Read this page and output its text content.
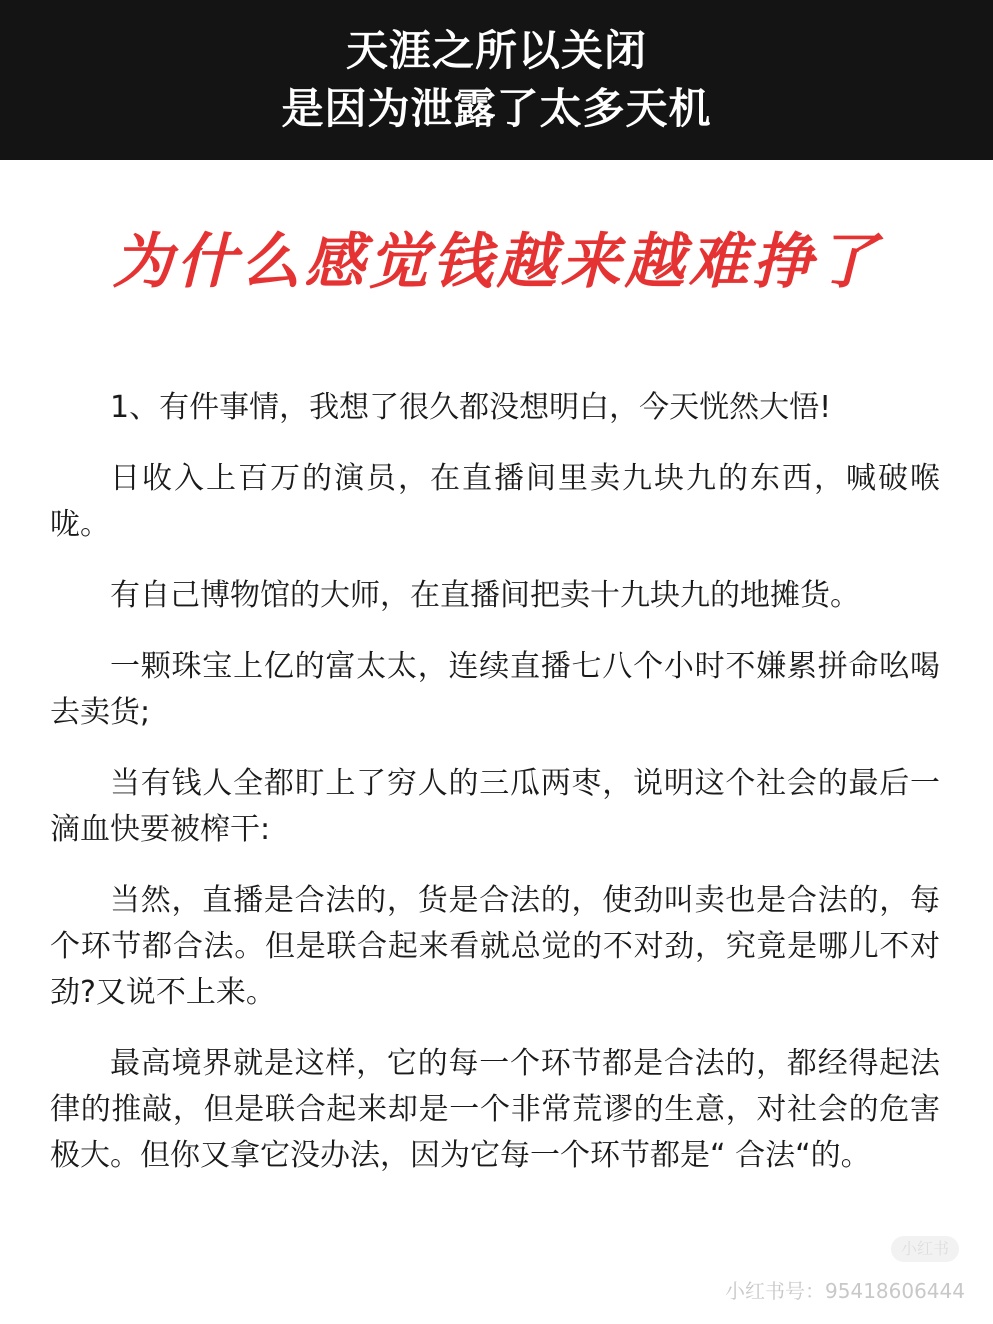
天涯之所以关闭
是因为泄露了太多天机
为什么感觉钱越来越难挣了

1、有件事情，我想了很久都没想明白，今天恍然大悟!

日收入上百万的演员，在直播间里卖九块九的东西，喊破喉咙。

有自己博物馆的大师，在直播间把卖十九块九的地摊货。

一颗珠宝上亿的富太太，连续直播七八个小时不嫌累拼命吆喝去卖货;

当有钱人全都盯上了穷人的三瓜两枣，说明这个社会的最后一滴血快要被榨干:

当然，直播是合法的，货是合法的，使劲叫卖也是合法的，每个环节都合法。但是联合起来看就总觉的不对劲，究竟是哪儿不对劲?又说不上来。

最高境界就是这样，它的每一个环节都是合法的，都经得起法律的推敲，但是联合起来却是一个非常荒谬的生意，对社会的危害极大。但你又拿它没办法，因为它每一个环节都是“ 合法“的。

小红书
小红书号：95418606444
